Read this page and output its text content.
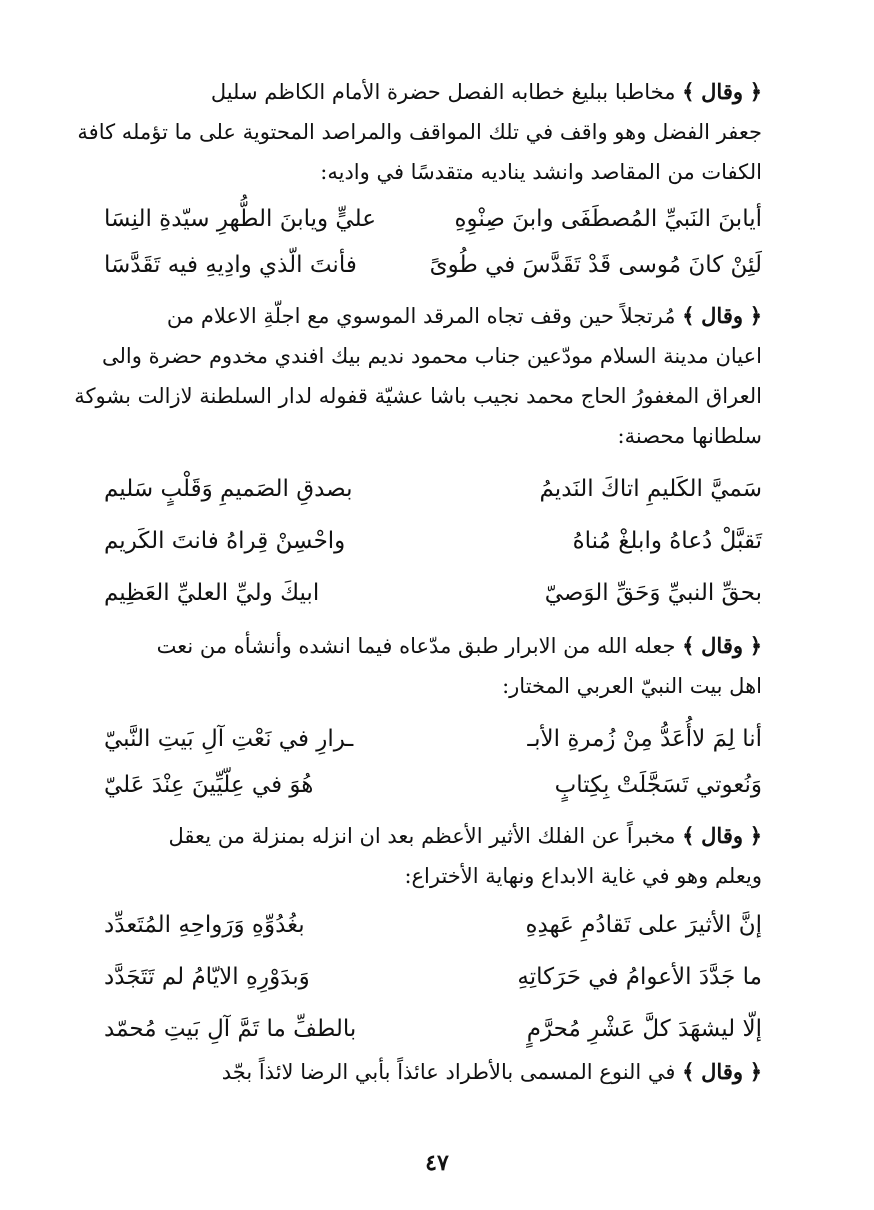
﴿ وقال ﴾ مخاطبا ببليغ خطابه الفصل حضرة الأمام الكاظم سليل
جعفر الفضل وهو واقف في تلك المواقف والمراصد المحتوية على ما تؤمله كافة
الكفات من المقاصد وانشد يناديه متقدسًا في واديه:
أيابنَ النَبيِّ المُصطَفَى وابنَ صِنْوِهِ
عليٍّ ويابنَ الطُّهرِ سيّدةِ النِسَا
لَئِنْ كانَ مُوسى قَدْ تَقَدَّسَ في طُوىً
فأنتَ الّذي وادِيهِ فيه تَقَدَّسَا
﴿ وقال ﴾ مُرتجلاً حين وقف تجاه المرقد الموسوي مع اجلّةِ الاعلام من
اعيان مدينة السلام مودّعين جناب محمود نديم بيك افندي مخدوم حضرة والى
العراق المغفورُ الحاج محمد نجيب باشا عشيّة قفوله لدار السلطنة لازالت بشوكة
سلطانها محصنة:
سَميَّ الكَليمِ اتاكَ النَديمُ
بصدقِ الصَميمِ وَقَلْبٍ سَليم
تَقبَّلْ دُعاهُ وابلغْ مُناهُ
واحْسِنْ قِراهُ فانتَ الكَريم
بحقِّ النبيِّ وَحَقِّ الوَصيّ
ابيكَ وليِّ العليِّ العَظِيم
﴿ وقال ﴾ جعله الله من الابرار طبق مدّعاه فيما انشده وأنشأه من نعت
اهل بيت النبيّ العربي المختار:
أنا لِمَ لاأُعَدُّ مِنْ زُمرةِ الأبـ
ـرارِ في نَعْتِ آلِ بَيتِ النَّبيّ
وَنُعوتي تَسَجَّلَتْ بِكِتابٍ
هُوَ في عِلّيِّينَ عِنْدَ عَليّ
﴿ وقال ﴾ مخبراً عن الفلك الأثير الأعظم بعد ان انزله بمنزلة من يعقل
ويعلم وهو في غاية الابداع ونهاية الأختراع:
إنَّ الأثيرَ على تَقادُمِ عَهدِهِ
بغُدُوِّهِ وَرَواحِهِ المُتَعدِّد
ما جَدَّدَ الأعوامُ في حَرَكاتِهِ
وَبدَوْرِهِ الايّامُ لم تَتَجَدَّد
إلّا ليشهَدَ كلَّ عَشْرِ مُحرَّمٍ
بالطفِّ ما تَمَّ آلِ بَيتِ مُحمّد
﴿ وقال ﴾ في النوع المسمى بالأطراد عائذاً بأبي الرضا لائذاً بجّد
٤٧
